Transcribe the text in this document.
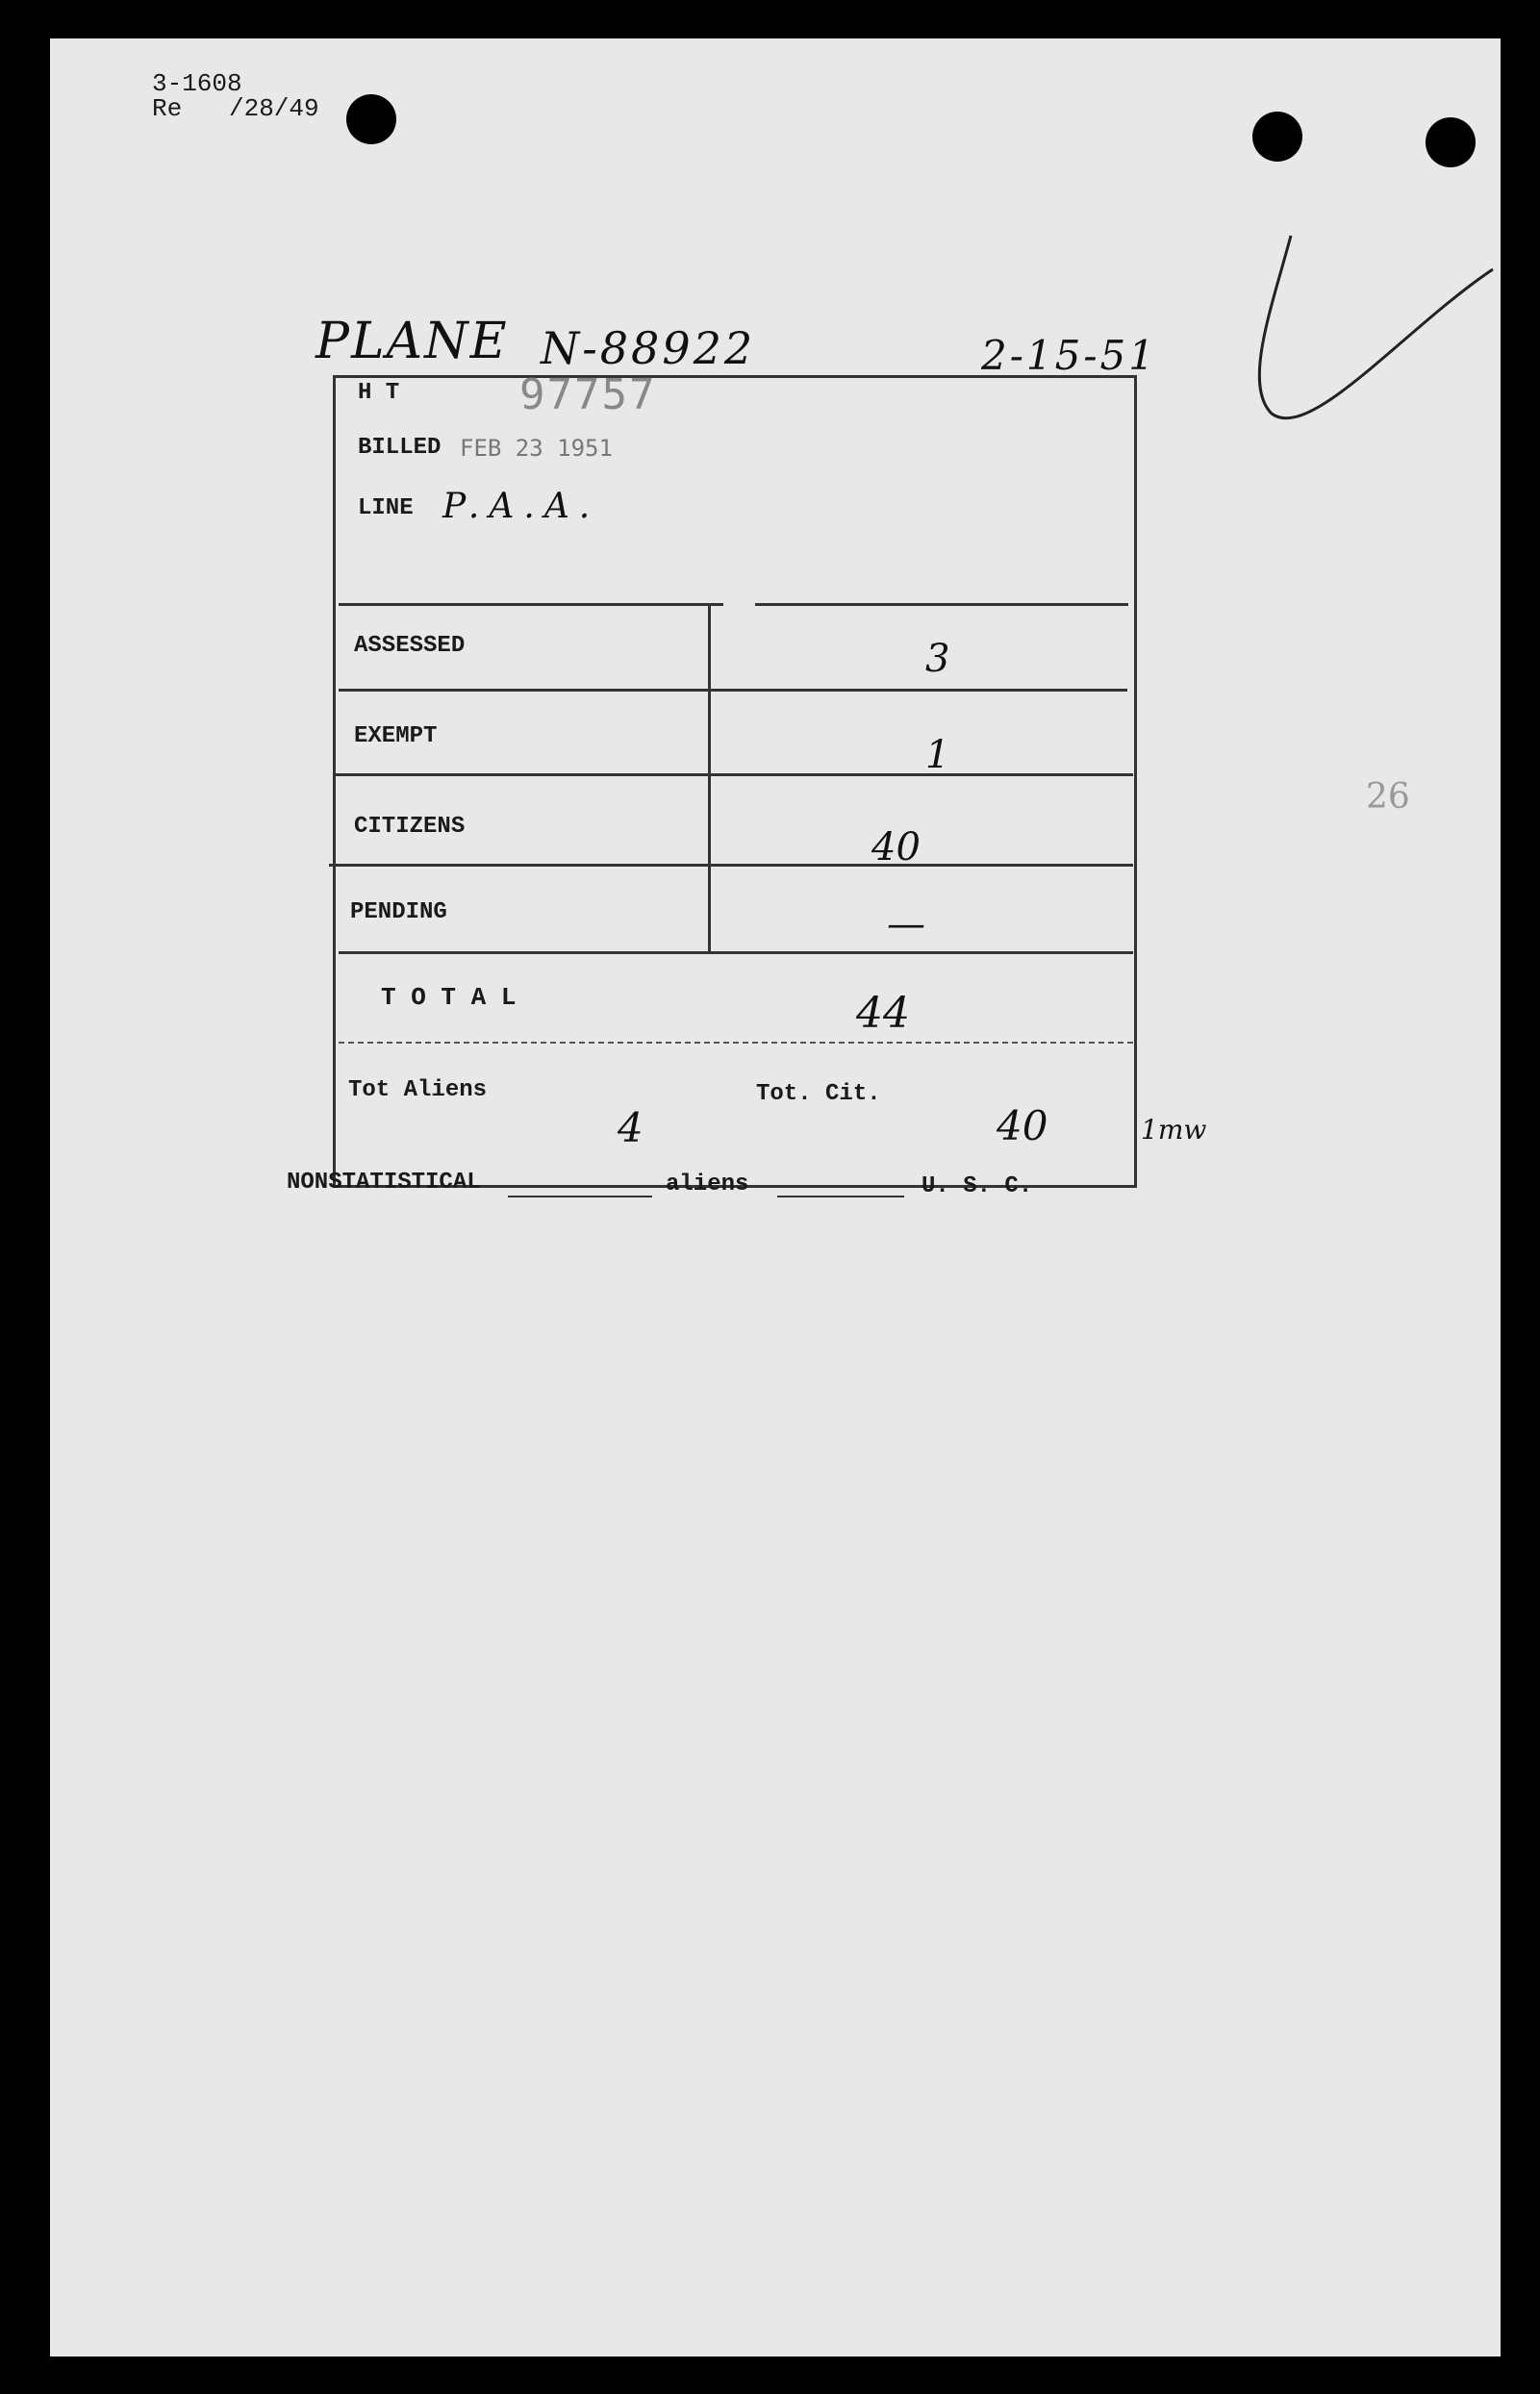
3-1608
Re /28/49
PLANE N-88922	2-15-51
26
H T	97757
BILLED FEB 23 1951
LINE P.A.A.
ASSESSED	3
EXEMPT	1
CITIZENS	40
PENDING	—
T O T A L	44
Tot Aliens
4
Tot. Cit.
40	1mw
NONSTATISTICAL	aliens	U. S. C.
